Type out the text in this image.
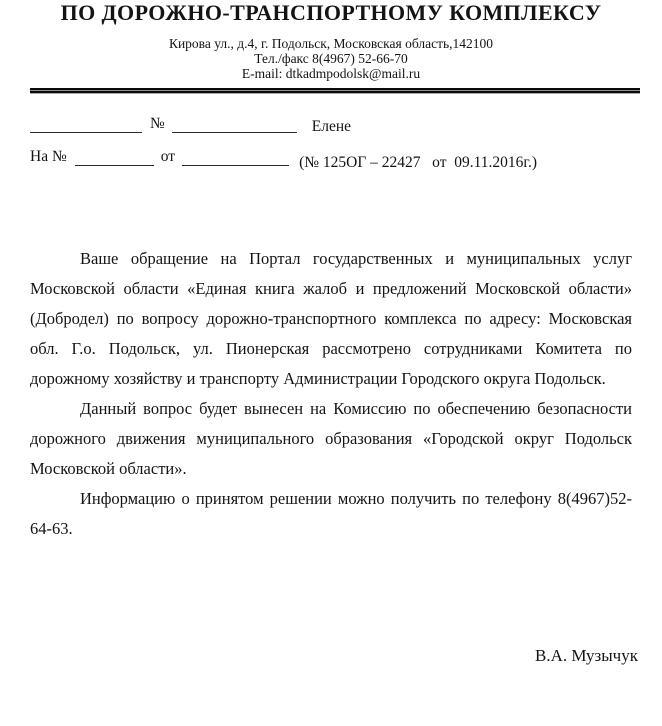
ПО ДОРОЖНО-ТРАНСПОРТНОМУ КОМПЛЕКСУ
Кирова ул., д.4, г. Подольск, Московская область,142100
Тел./факс 8(4967) 52-66-70
E-mail: dtkadmpodolsk@mail.ru
№	Елене
На №	от	(№ 125ОГ – 22427   от  09.11.2016г.)

Ваше обращение на Портал государственных и муниципальных услуг Московской области «Единая книга жалоб и предложений Московской области» (Добродел) по вопросу дорожно-транспортного комплекса по адресу: Московская обл. Г.о. Подольск, ул. Пионерская рассмотрено сотрудниками Комитета по дорожному хозяйству и транспорту Администрации Городского округа Подольск.

Данный вопрос будет вынесен на Комиссию по обеспечению безопасности дорожного движения муниципального образования «Городской округ Подольск Московской области».

Информацию о принятом решении можно получить по телефону 8(4967)52-64-63.

В.А. Музычук
